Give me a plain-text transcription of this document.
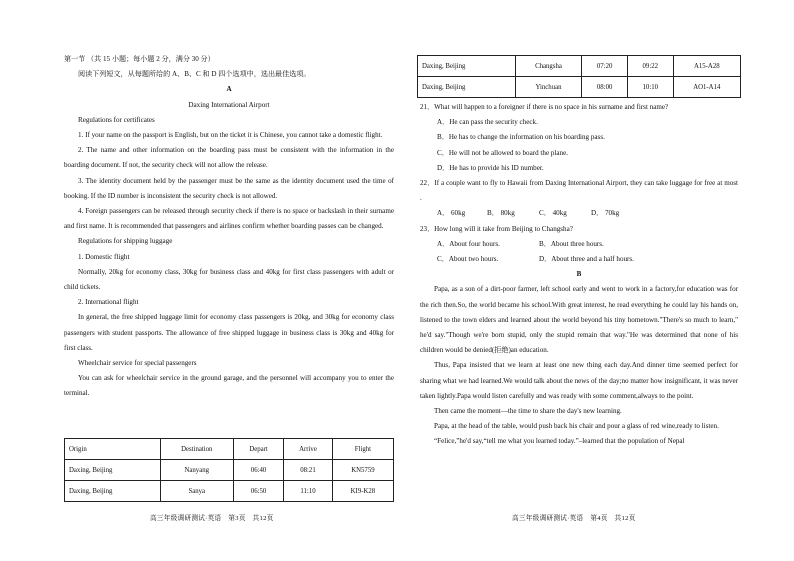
第一节 （共 15 小题；每小题 2 分，满分 30 分）

阅读下列短文，从每题所给的 A、B、C 和 D 四个选项中，选出最佳选项。

A

Daxing International Airport

Regulations for certificates

1. If your name on the passport is English, but on the ticket it is Chinese, you cannot take a domestic flight.

2. The name and other information on the boarding pass must be consistent with the information in the boarding document. If not, the security check will not allow the release.

3. The identity document held by the passenger must be the same as the identity document used the time of booking. If the ID number is inconsistent the security check is not allowed.

4. Foreign passengers can be released through security check if there is no space or backslash in their surname and first name. It is recommended that passengers and airlines confirm whether boarding passes can be changed.

Regulations for shipping luggage

1. Domestic flight

Normally, 20kg for economy class, 30kg for business class and 40kg for first class passengers with adult or child tickets.

2. International flight

In general, the free shipped luggage limit for economy class passengers is 20kg, and 30kg for economy class passengers with student passports. The allowance of free shipped luggage in business class is 30kg and 40kg for first class.

Wheelchair service for special passengers

You can ask for wheelchair service in the ground garage, and the personnel will accompany you to enter the terminal.

Origin	Destination	Depart	Arrive	Flight
Daxing, Beijing	Nanyang	06:40	08:21	KN5759
Daxing, Beijing	Sanya	06:50	11:10	KI9-K28
高三年级调研测试·英语　第3页　共12页
Daxing, Beijing	Changsha	07:20	09:22	A15-A28
Daxing, Beijing	Yinchuan	08:00	10:10	AO1-A14

21．What will happen to a foreigner if there is no space in his surname and first name?

A．He can pass the security check.

B．He has to change the information on his boarding pass.

C．He will not be allowed to board the plane.

D．He has to provide his ID number.

22．If a couple want to fly to Hawaii from Daxing International Airport, they can take luggage for free at most .

A． 60kg	B． 80kg	C． 40kg	D． 70kg

23．How long will it take from Beijing to Changsha?

A．About four hours.	B．About three hours.
C．About two hours.	D．About three and a half hours.

B

Papa, as a son of a dirt-poor farmer, left school early and went to work in a factory,for education was for the rich then.So, the world became his school.With great interest, he read everything he could lay his hands on, listened to the town elders and learned about the world beyond his tiny hometown."There's so much to learn," he'd say."Though we're born stupid, only the stupid remain that way."He was determined that none of his children would be denied(拒绝)an education.

Thus, Papa insisted that we learn at least one new thing each day.And dinner time seemed perfect for sharing what we had learned.We would talk about the news of the day;no matter how insignificant, it was never taken lightly.Papa would listen carefully and was ready with some comment,always to the point.

Then came the moment—the time to share the day's new learning.

Papa, at the head of the table, would push back his chair and pour a glass of red wine,ready to listen.

“Felice,”he'd say,“tell me what you learned today.”–learned that the population of Nepal

高三年级调研测试·英语　第4页　共12页
